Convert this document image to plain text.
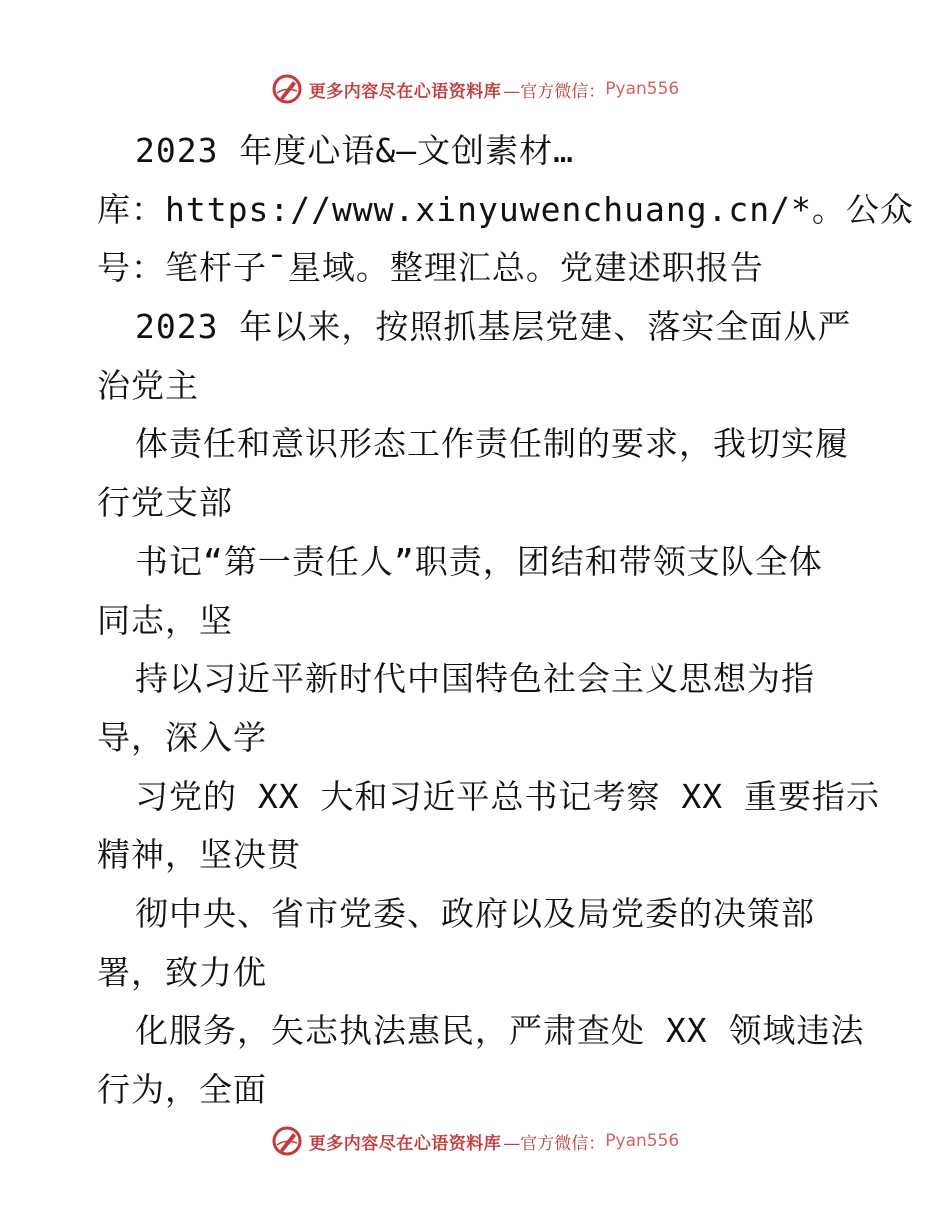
更多内容尽在心语资料库 —官方微信： Pyan556
2023 年度心语&—文创素材…
库：https://www.xinyuwenchuang.cn/*。公众
号：笔杆子¯星域。整理汇总。党建述职报告
2023 年以来，按照抓基层党建、落实全面从严
治党主
体责任和意识形态工作责任制的要求，我切实履
行党支部
书记“第一责任人”职责，团结和带领支队全体
同志，坚
持以习近平新时代中国特色社会主义思想为指
导，深入学
习党的 XX 大和习近平总书记考察 XX 重要指示
精神，坚决贯
彻中央、省市党委、政府以及局党委的决策部
署，致力优
化服务，矢志执法惠民，严肃查处 XX 领域违法
行为，全面
更多内容尽在心语资料库 —官方微信： Pyan556
